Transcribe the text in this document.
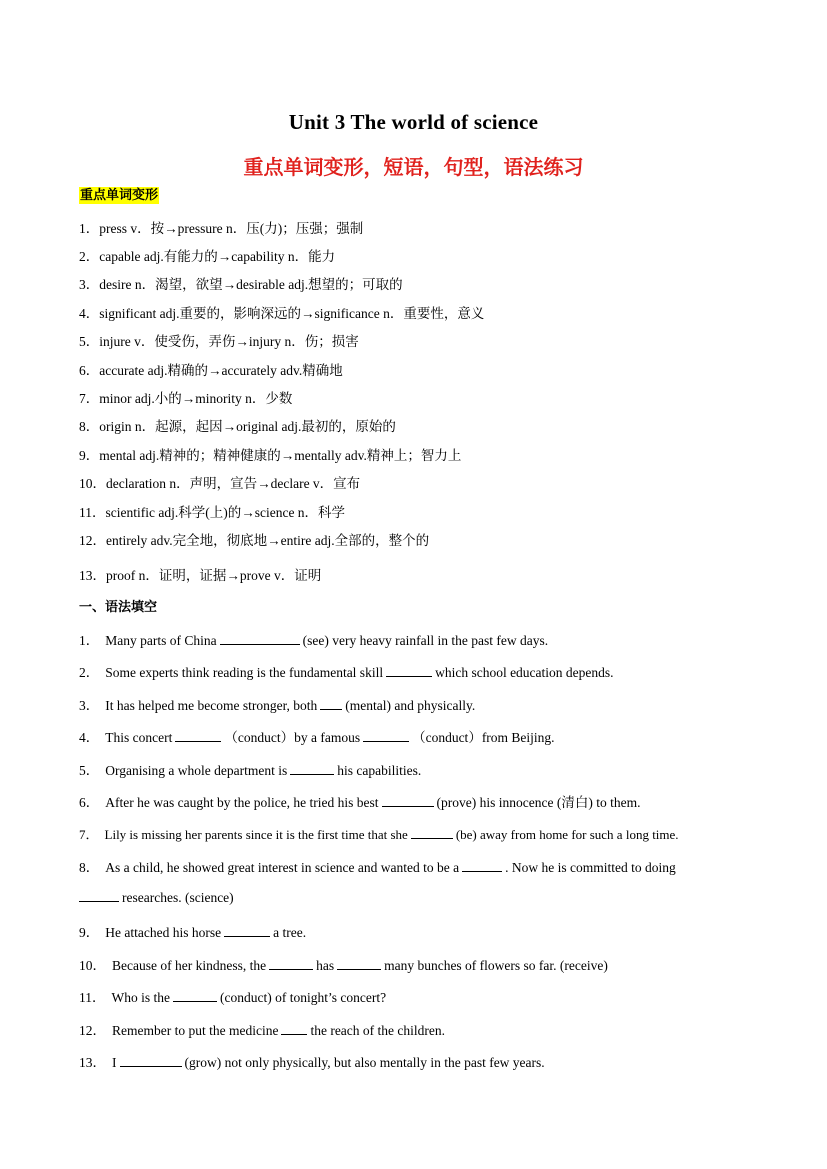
Unit 3 The world of science
重点单词变形，短语，句型，语法练习
重点单词变形
1．press v．按→pressure n．压(力)；压强；强制
2．capable adj.有能力的→capability n．能力
3．desire n．渴望，欲望→desirable adj.想望的；可取的
4．significant adj.重要的，影响深远的→significance n．重要性，意义
5．injure v．使受伤，弄伤→injury n．伤；损害
6．accurate adj.精确的→accurately adv.精确地
7．minor adj.小的→minority n．少数
8．origin n．起源，起因→original adj.最初的，原始的
9．mental adj.精神的；精神健康的→mentally adv.精神上；智力上
10．declaration n．声明，宣告→declare v．宣布
11．scientific adj.科学(上)的→science n．科学
12．entirely adv.完全地，彻底地→entire adj.全部的，整个的
13．proof n．证明，证据→prove v．证明
一、语法填空
1． Many parts of China	(see) very heavy rainfall in the past few days.
2． Some experts think reading is the fundamental skill	which school education depends.
3． It has helped me become stronger, both (mental) and physically.
4． This concert	（conduct）by a famous	（conduct）from Beijing.
5． Organising a whole department is	his capabilities.
6． After he was caught by the police, he tried his best	(prove) his innocence (清白) to them.
7． Lily is missing her parents since it is the first time that she	(be) away from home for such a long time.
8． As a child, he showed great interest in science and wanted to be a	. Now he is committed to doing
researches. (science)
9． He attached his horse	a tree.
10． Because of her kindness, the	has	many bunches of flowers so far. (receive)
11． Who is the	(conduct) of tonight’s concert?
12． Remember to put the medicine the reach of the children.
13． I	(grow) not only physically, but also mentally in the past few years.
